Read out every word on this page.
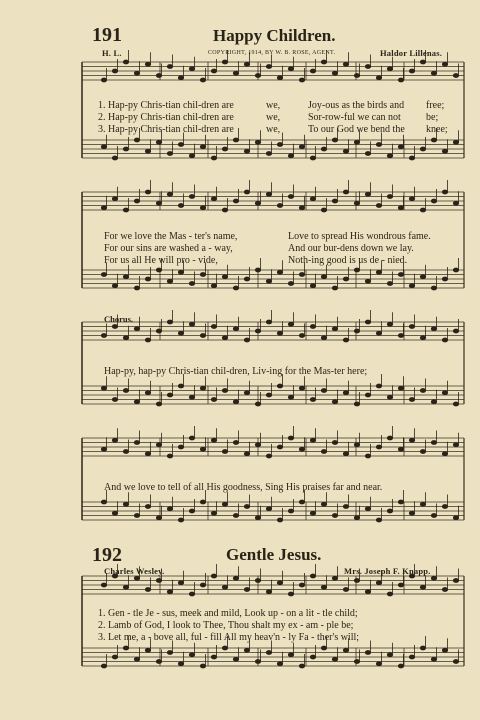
191	Happy Children.
H. L.	COPYRIGHT, 1914, BY W. B. ROSE, AGENT.	Haldor Lillenas.
1. Hap-py Chris-tian chil-dren are	we,	Joy-ous as the birds and free;
2. Hap-py Chris-tian chil-dren are	we,	Sor-row-ful we can not	be;
3. Hap-py Chris-tian chil-dren are	we,	To our God we bend the knee;
For we love the Mas - ter's name,	Love to spread His wondrous fame.
For our sins are washed a - way,	And our bur-dens down we lay.
For us all He will pro - vide,	Noth-ing good is us de - nied.
Chorus.
Hap-py, hap-py Chris-tian chil-dren, Liv-ing for the Mas-ter here;
And we love to tell of all His goodness, Sing His praises far and near.
192	Gentle Jesus.
Charles Wesley.	Mrs. Joseph F. Knapp.
1. Gen - tle Je - sus, meek and mild, Look up - on a lit - tle child;
2. Lamb of God, I look to Thee, Thou shalt my ex - am - ple be;
3. Let me, a - bove all, ful - fill All my heav'n - ly Fa - ther's will;
